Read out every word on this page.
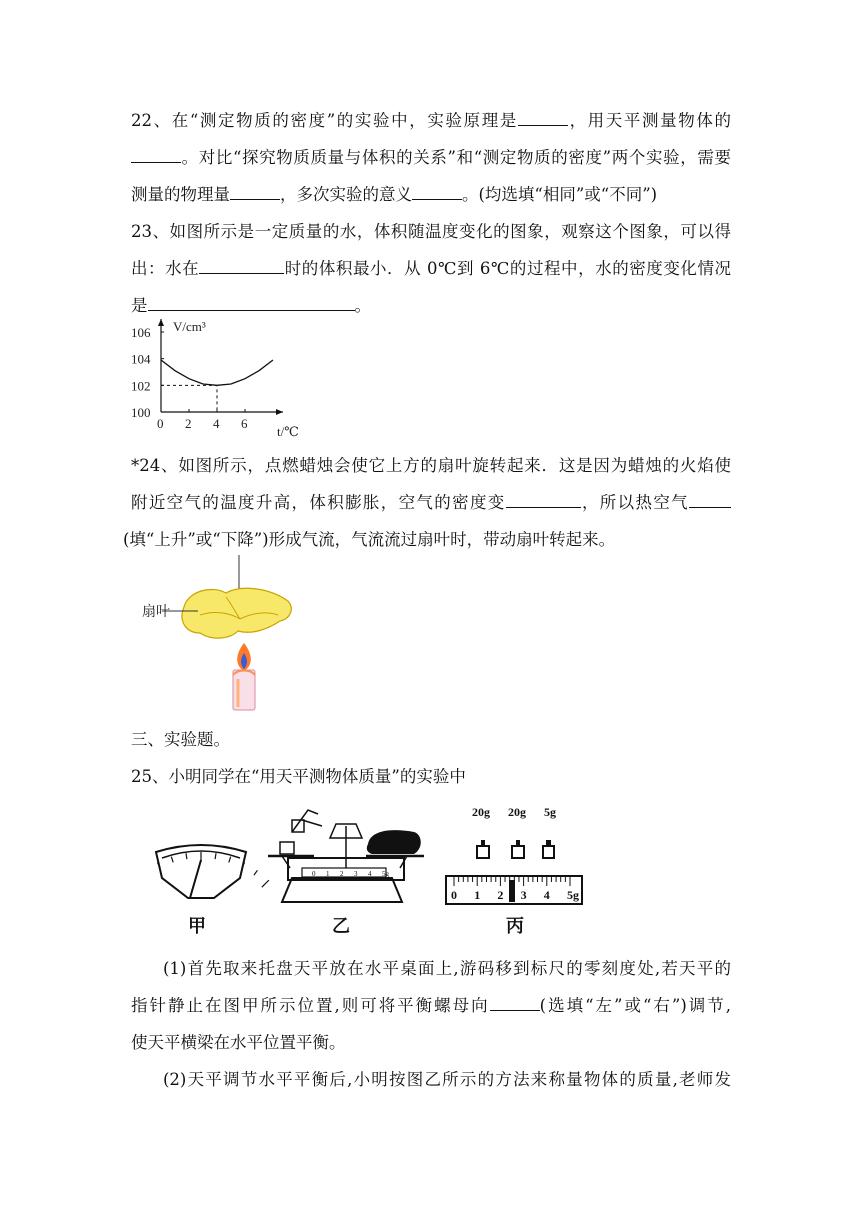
22、在“测定物质的密度”的实验中，实验原理是	，用天平测量物体的

。对比“探究物质质量与体积的关系”和“测定物质的密度”两个实验，需要

测量的物理量	，多次实验的意义	。(均选填“相同”或“不同”)

23、如图所示是一定质量的水，体积随温度变化的图象，观察这个图象，可以得

出：水在	时的体积最小．从 0℃到 6℃的过程中，水的密度变化情况

是	。

100
102
104
106
0 2 4 6
V/cm³
t/℃

*24、如图所示，点燃蜡烛会使它上方的扇叶旋转起来．这是因为蜡烛的火焰使

附近空气的温度升高，体积膨胀，空气的密度变	，所以热空气

(填“上升”或“下降”)形成气流，气流流过扇叶时，带动扇叶转起来。

扇叶

三、实验题。

25、小明同学在“用天平测物体质量”的实验中

甲
0 1 2 3 4 5g
乙
20g 20g 5g
0 1 2 3 4 5g
丙

(1)首先取来托盘天平放在水平桌面上,游码移到标尺的零刻度处,若天平的

指针静止在图甲所示位置,则可将平衡螺母向	(选填“左”或“右”)调节,

使天平横梁在水平位置平衡。

(2)天平调节水平平衡后,小明按图乙所示的方法来称量物体的质量,老师发
